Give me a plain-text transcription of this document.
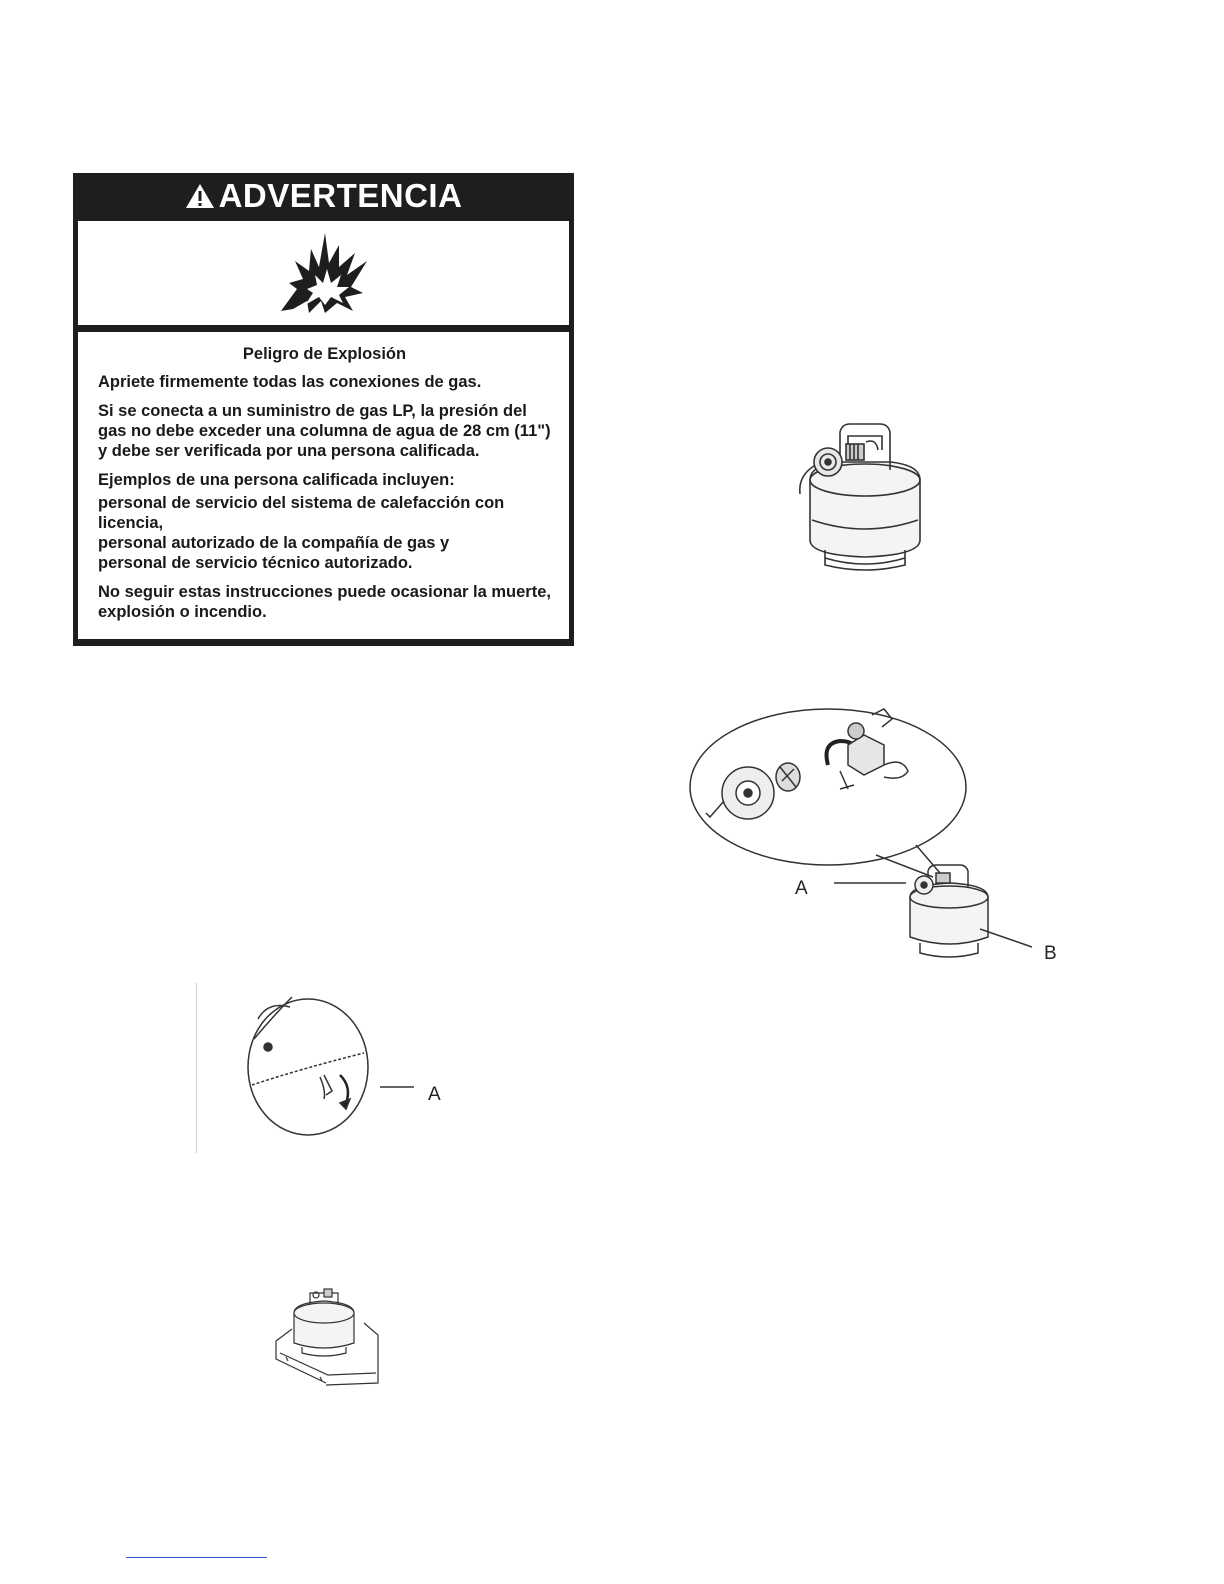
ADVERTENCIA
Peligro de Explosión

Apriete firmemente todas las conexiones de gas.

Si se conecta a un suministro de gas LP, la presión del gas no debe exceder una columna de agua de 28 cm (11") y debe ser verificada por una persona calificada.

Ejemplos de una persona calificada incluyen:

personal de servicio del sistema de calefacción con licencia,
personal autorizado de la compañía de gas y
personal de servicio técnico autorizado.

No seguir estas instrucciones puede ocasionar la muerte, explosión o incendio.

A
B
A
